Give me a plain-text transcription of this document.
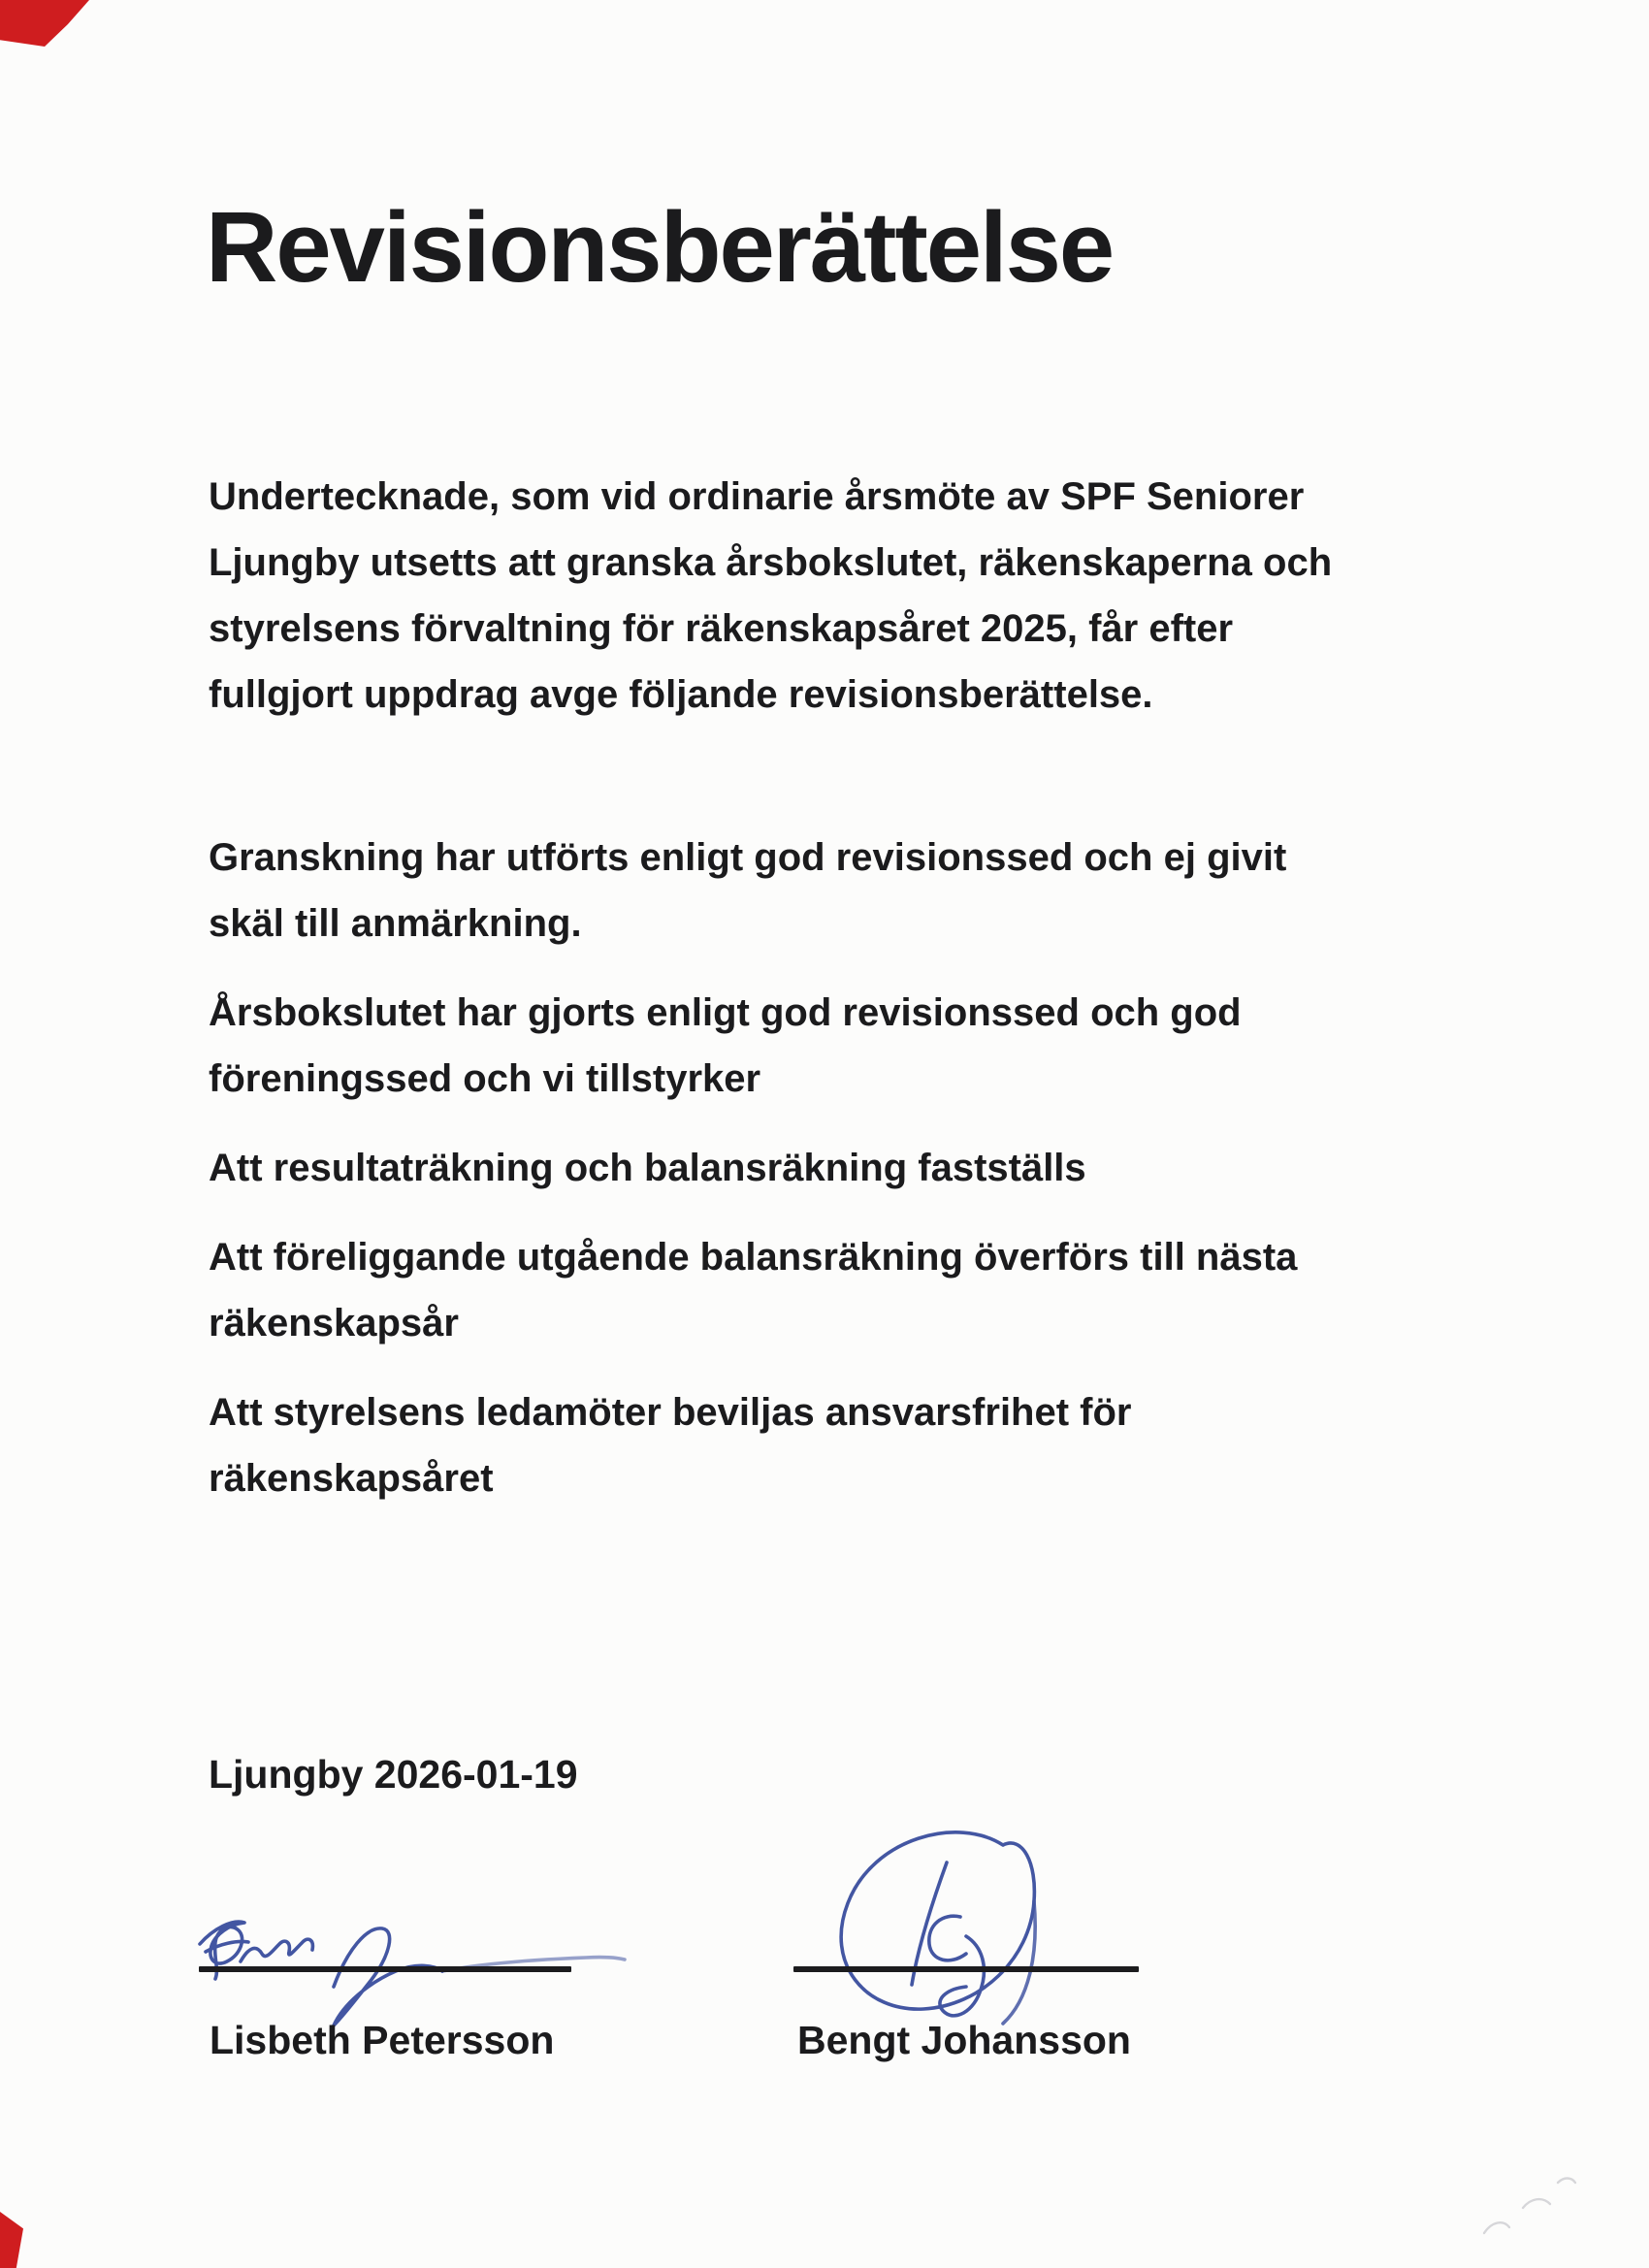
Revisionsberättelse
Undertecknade, som vid ordinarie årsmöte av SPF Seniorer
Ljungby utsetts att granska årsbokslutet, räkenskaperna och
styrelsens förvaltning för räkenskapsåret 2025, får efter
fullgjort uppdrag avge följande revisionsberättelse.
Granskning har utförts enligt god revisionssed och ej givit
skäl till anmärkning.
Årsbokslutet har gjorts enligt god revisionssed och god
föreningssed och vi tillstyrker
Att resultaträkning och balansräkning fastställs
Att föreliggande utgående balansräkning överförs till nästa
räkenskapsår
Att styrelsens ledamöter beviljas ansvarsfrihet för
räkenskapsåret
Ljungby 2026-01-19
Lisbeth Petersson	Bengt Johansson
